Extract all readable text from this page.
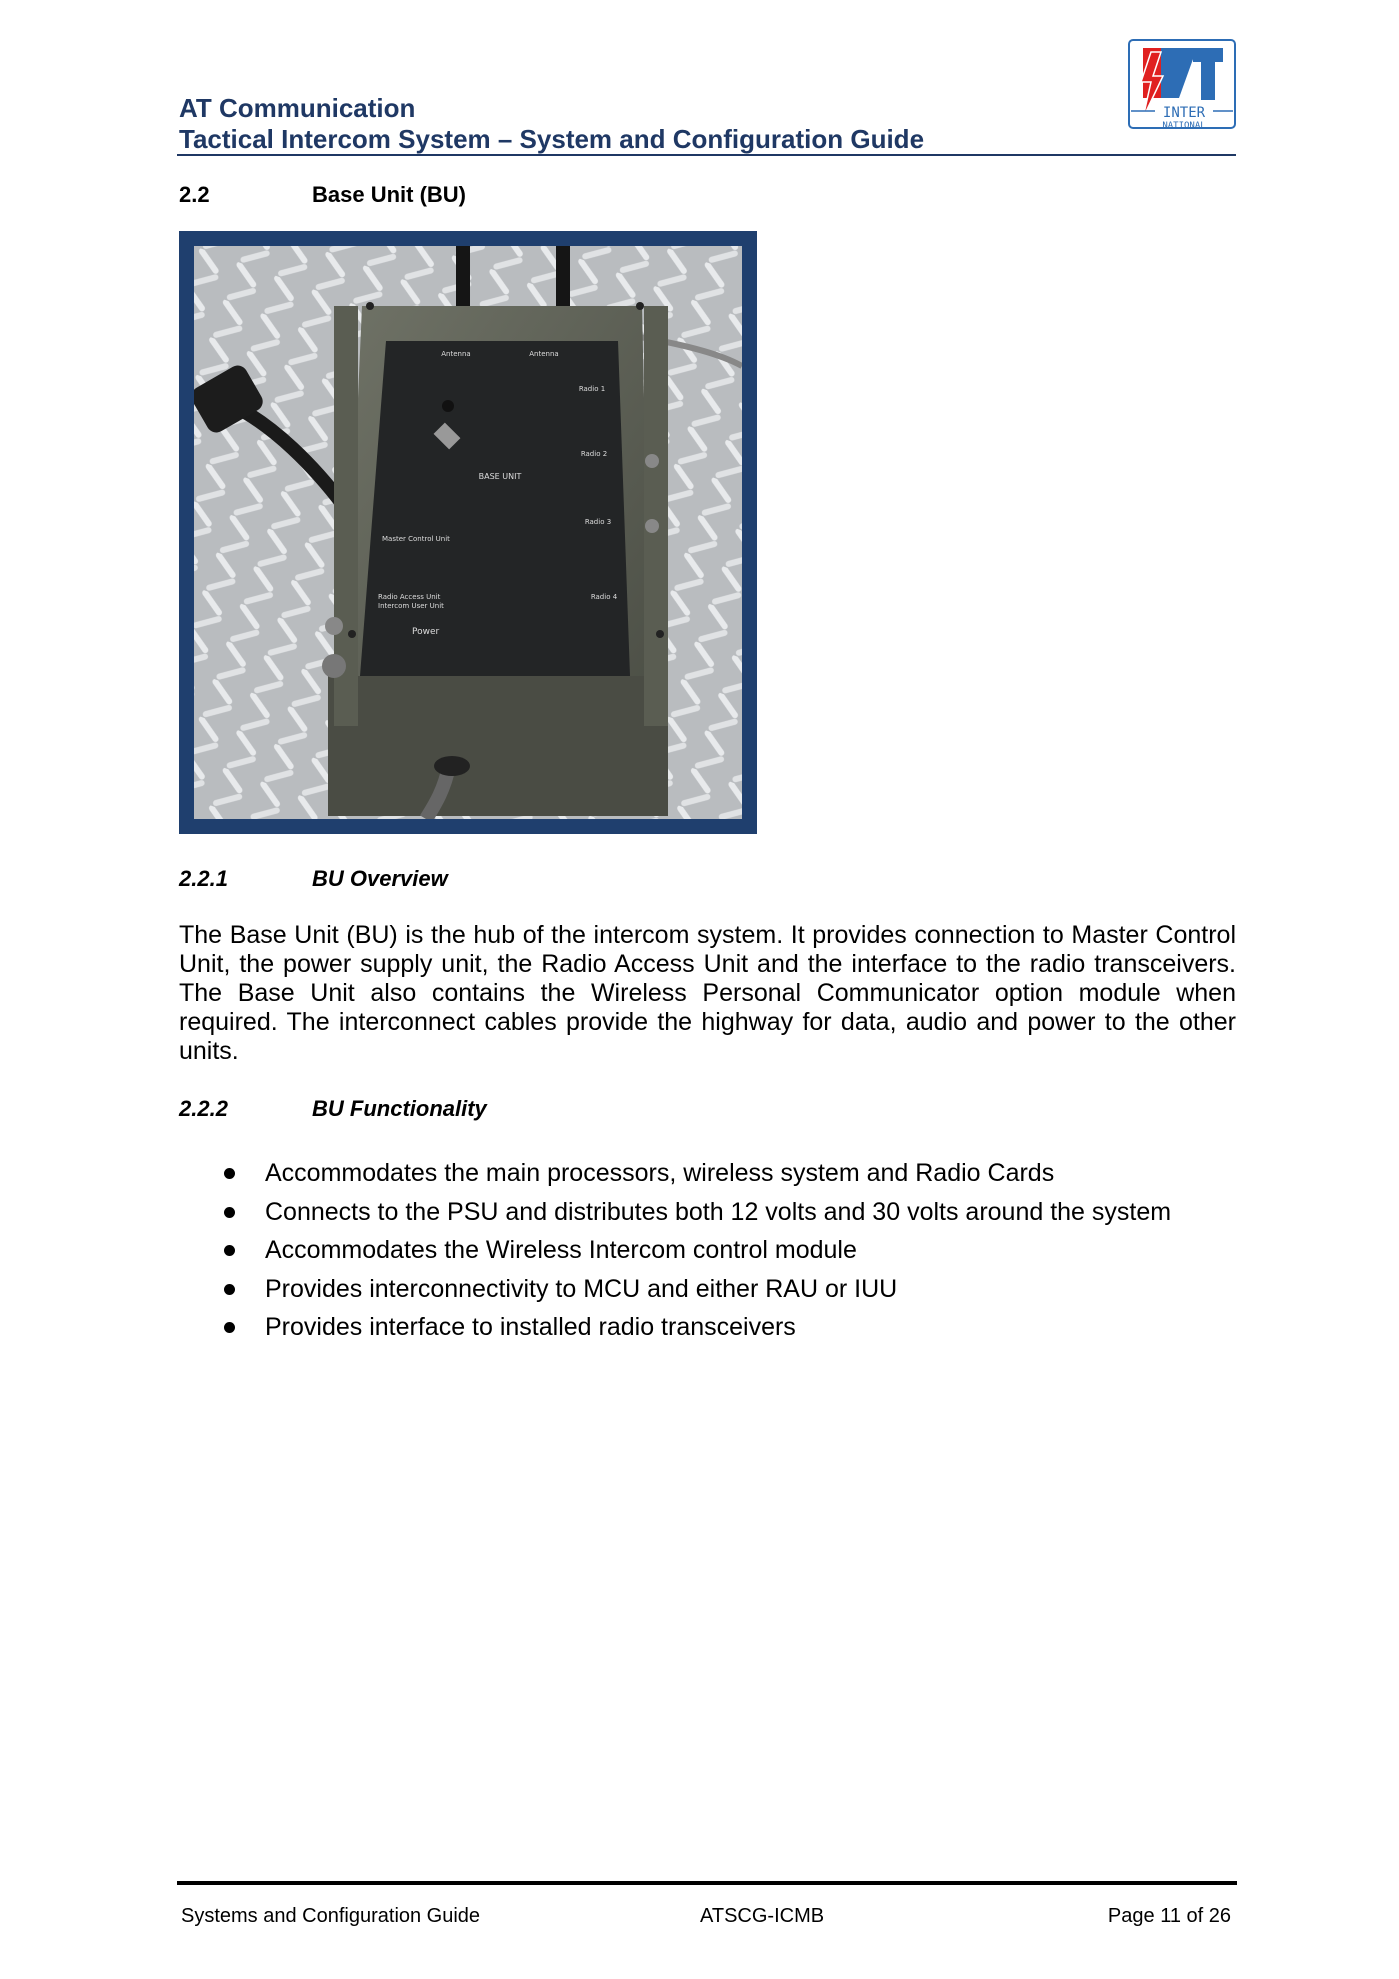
AT Communication
Tactical Intercom System – System and Configuration Guide
INTER
NATIONAL
2.2	Base Unit (BU)
Antenna	Antenna
Radio 1
Radio 2
BASE UNIT
Radio 3
Master Control Unit
Radio Access Unit
Intercom User Unit
Radio 4
Power
2.2.1	BU Overview
The Base Unit (BU) is the hub of the intercom system. It provides connection to Master Control Unit, the power supply unit, the Radio Access Unit and the interface to the radio transceivers. The Base Unit also contains the Wireless Personal Communicator option module when required. The interconnect cables provide the highway for data, audio and power to the other units.
2.2.2	BU Functionality
Accommodates the main processors, wireless system and Radio Cards
Connects to the PSU and distributes both 12 volts and 30 volts around the system
Accommodates the Wireless Intercom control module
Provides interconnectivity to MCU and either RAU or IUU
Provides interface to installed radio transceivers
Systems and Configuration Guide	ATSCG-ICMB	Page 11 of 26
